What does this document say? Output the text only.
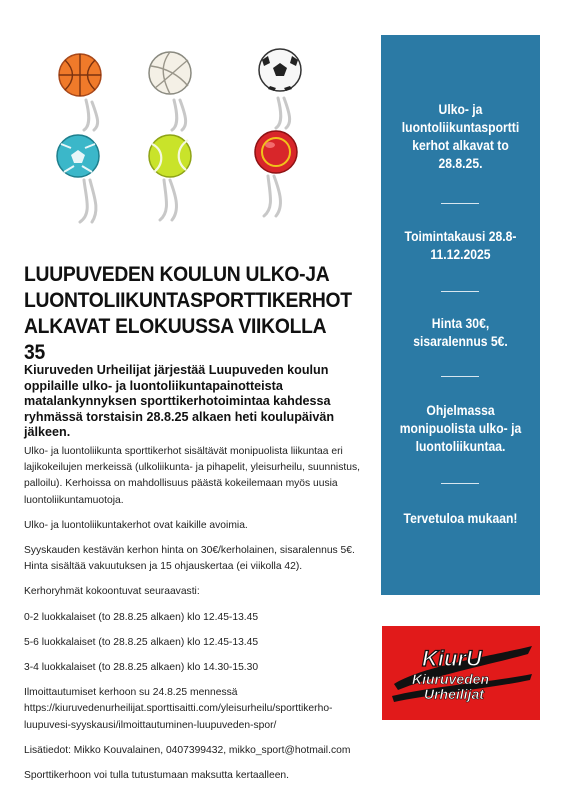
LUUPUVEDEN KOULUN ULKO-JA
LUONTOLIIKUNTASPORTTIKERHOT
ALKAVAT ELOKUUSSA VIIKOLLA 35

Kiuruveden Urheilijat järjestää Luupuveden koulun oppilaille ulko- ja luontoliikuntapainotteista matalankynnyksen sporttikerhotoimintaa kahdessa ryhmässä torstaisin 28.8.25 alkaen heti koulupäivän jälkeen.

Ulko- ja luontoliikunta sporttikerhot sisältävät monipuolista liikuntaa eri lajikokeilujen merkeissä (ulkoliikunta- ja pihapelit, yleisurheilu, suunnistus, palloilu). Kerhoissa on mahdollisuus päästä kokeilemaan myös uusia luontoliikuntamuotoja.

Ulko- ja luontoliikuntakerhot ovat kaikille avoimia.

Syyskauden kestävän kerhon hinta on 30€/kerholainen, sisaralennus 5€. Hinta sisältää vakuutuksen ja 15 ohjauskertaa (ei viikolla 42).

Kerhoryhmät kokoontuvat seuraavasti:

0-2 luokkalaiset (to 28.8.25 alkaen) klo 12.45-13.45

5-6 luokkalaiset (to 28.8.25 alkaen) klo 12.45-13.45

3-4 luokkalaiset (to 28.8.25 alkaen) klo 14.30-15.30

Ilmoittautumiset kerhoon su 24.8.25 mennessä https://kiuruvedenurheilijat.sporttisaitti.com/yleisurheilu/sporttikerho-luupuvesi-syyskausi/ilmoittautuminen-luupuveden-spor/

Lisätiedot: Mikko Kouvalainen, 0407399432, mikko_sport@hotmail.com

Sporttikerhoon voi tulla tutustumaan maksutta kertaalleen.

Ulko- ja luontoliikuntasportti kerhot alkavat to 28.8.25.

Toimintakausi 28.8-11.12.2025

Hinta 30€, sisaralennus 5€.

Ohjelmassa monipuolista ulko- ja luontoliikuntaa.

Tervetuloa mukaan!

KiurU
Kiuruveden
Urheilijat
